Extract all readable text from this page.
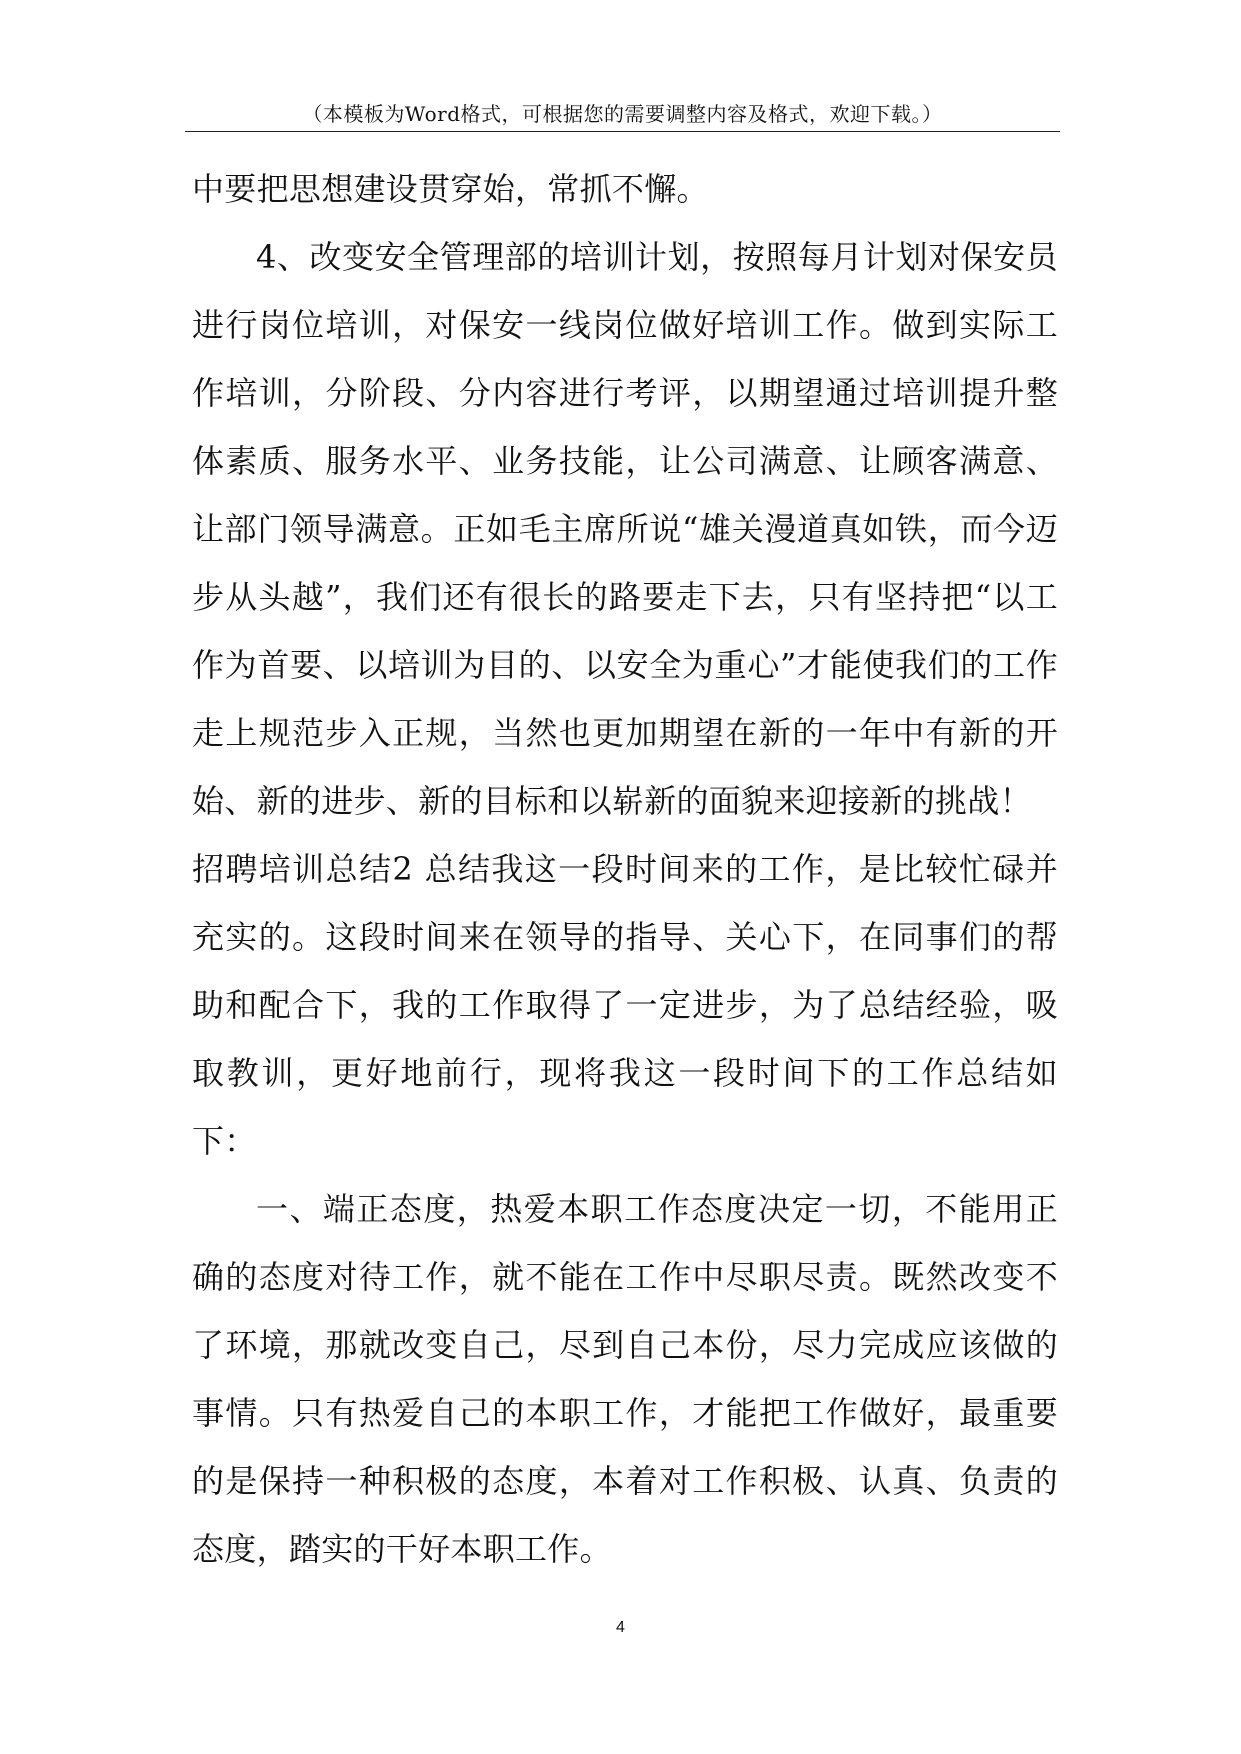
（本模板为Word格式，可根据您的需要调整内容及格式，欢迎下载。）

中要把思想建设贯穿始，常抓不懈。

4、改变安全管理部的培训计划，按照每月计划对保安员进行岗位培训，对保安一线岗位做好培训工作。做到实际工作培训，分阶段、分内容进行考评，以期望通过培训提升整体素质、服务水平、业务技能，让公司满意、让顾客满意、让部门领导满意。正如毛主席所说“雄关漫道真如铁，而今迈步从头越”，我们还有很长的路要走下去，只有坚持把“以工作为首要、以培训为目的、以安全为重心”才能使我们的工作走上规范步入正规，当然也更加期望在新的一年中有新的开始、新的进步、新的目标和以崭新的面貌来迎接新的挑战！

招聘培训总结2 总结我这一段时间来的工作，是比较忙碌并充实的。这段时间来在领导的指导、关心下，在同事们的帮助和配合下，我的工作取得了一定进步，为了总结经验，吸取教训，更好地前行，现将我这一段时间下的工作总结如下：

一、端正态度，热爱本职工作态度决定一切，不能用正确的态度对待工作，就不能在工作中尽职尽责。既然改变不了环境，那就改变自己，尽到自己本份，尽力完成应该做的事情。只有热爱自己的本职工作，才能把工作做好，最重要的是保持一种积极的态度，本着对工作积极、认真、负责的态度，踏实的干好本职工作。

4
